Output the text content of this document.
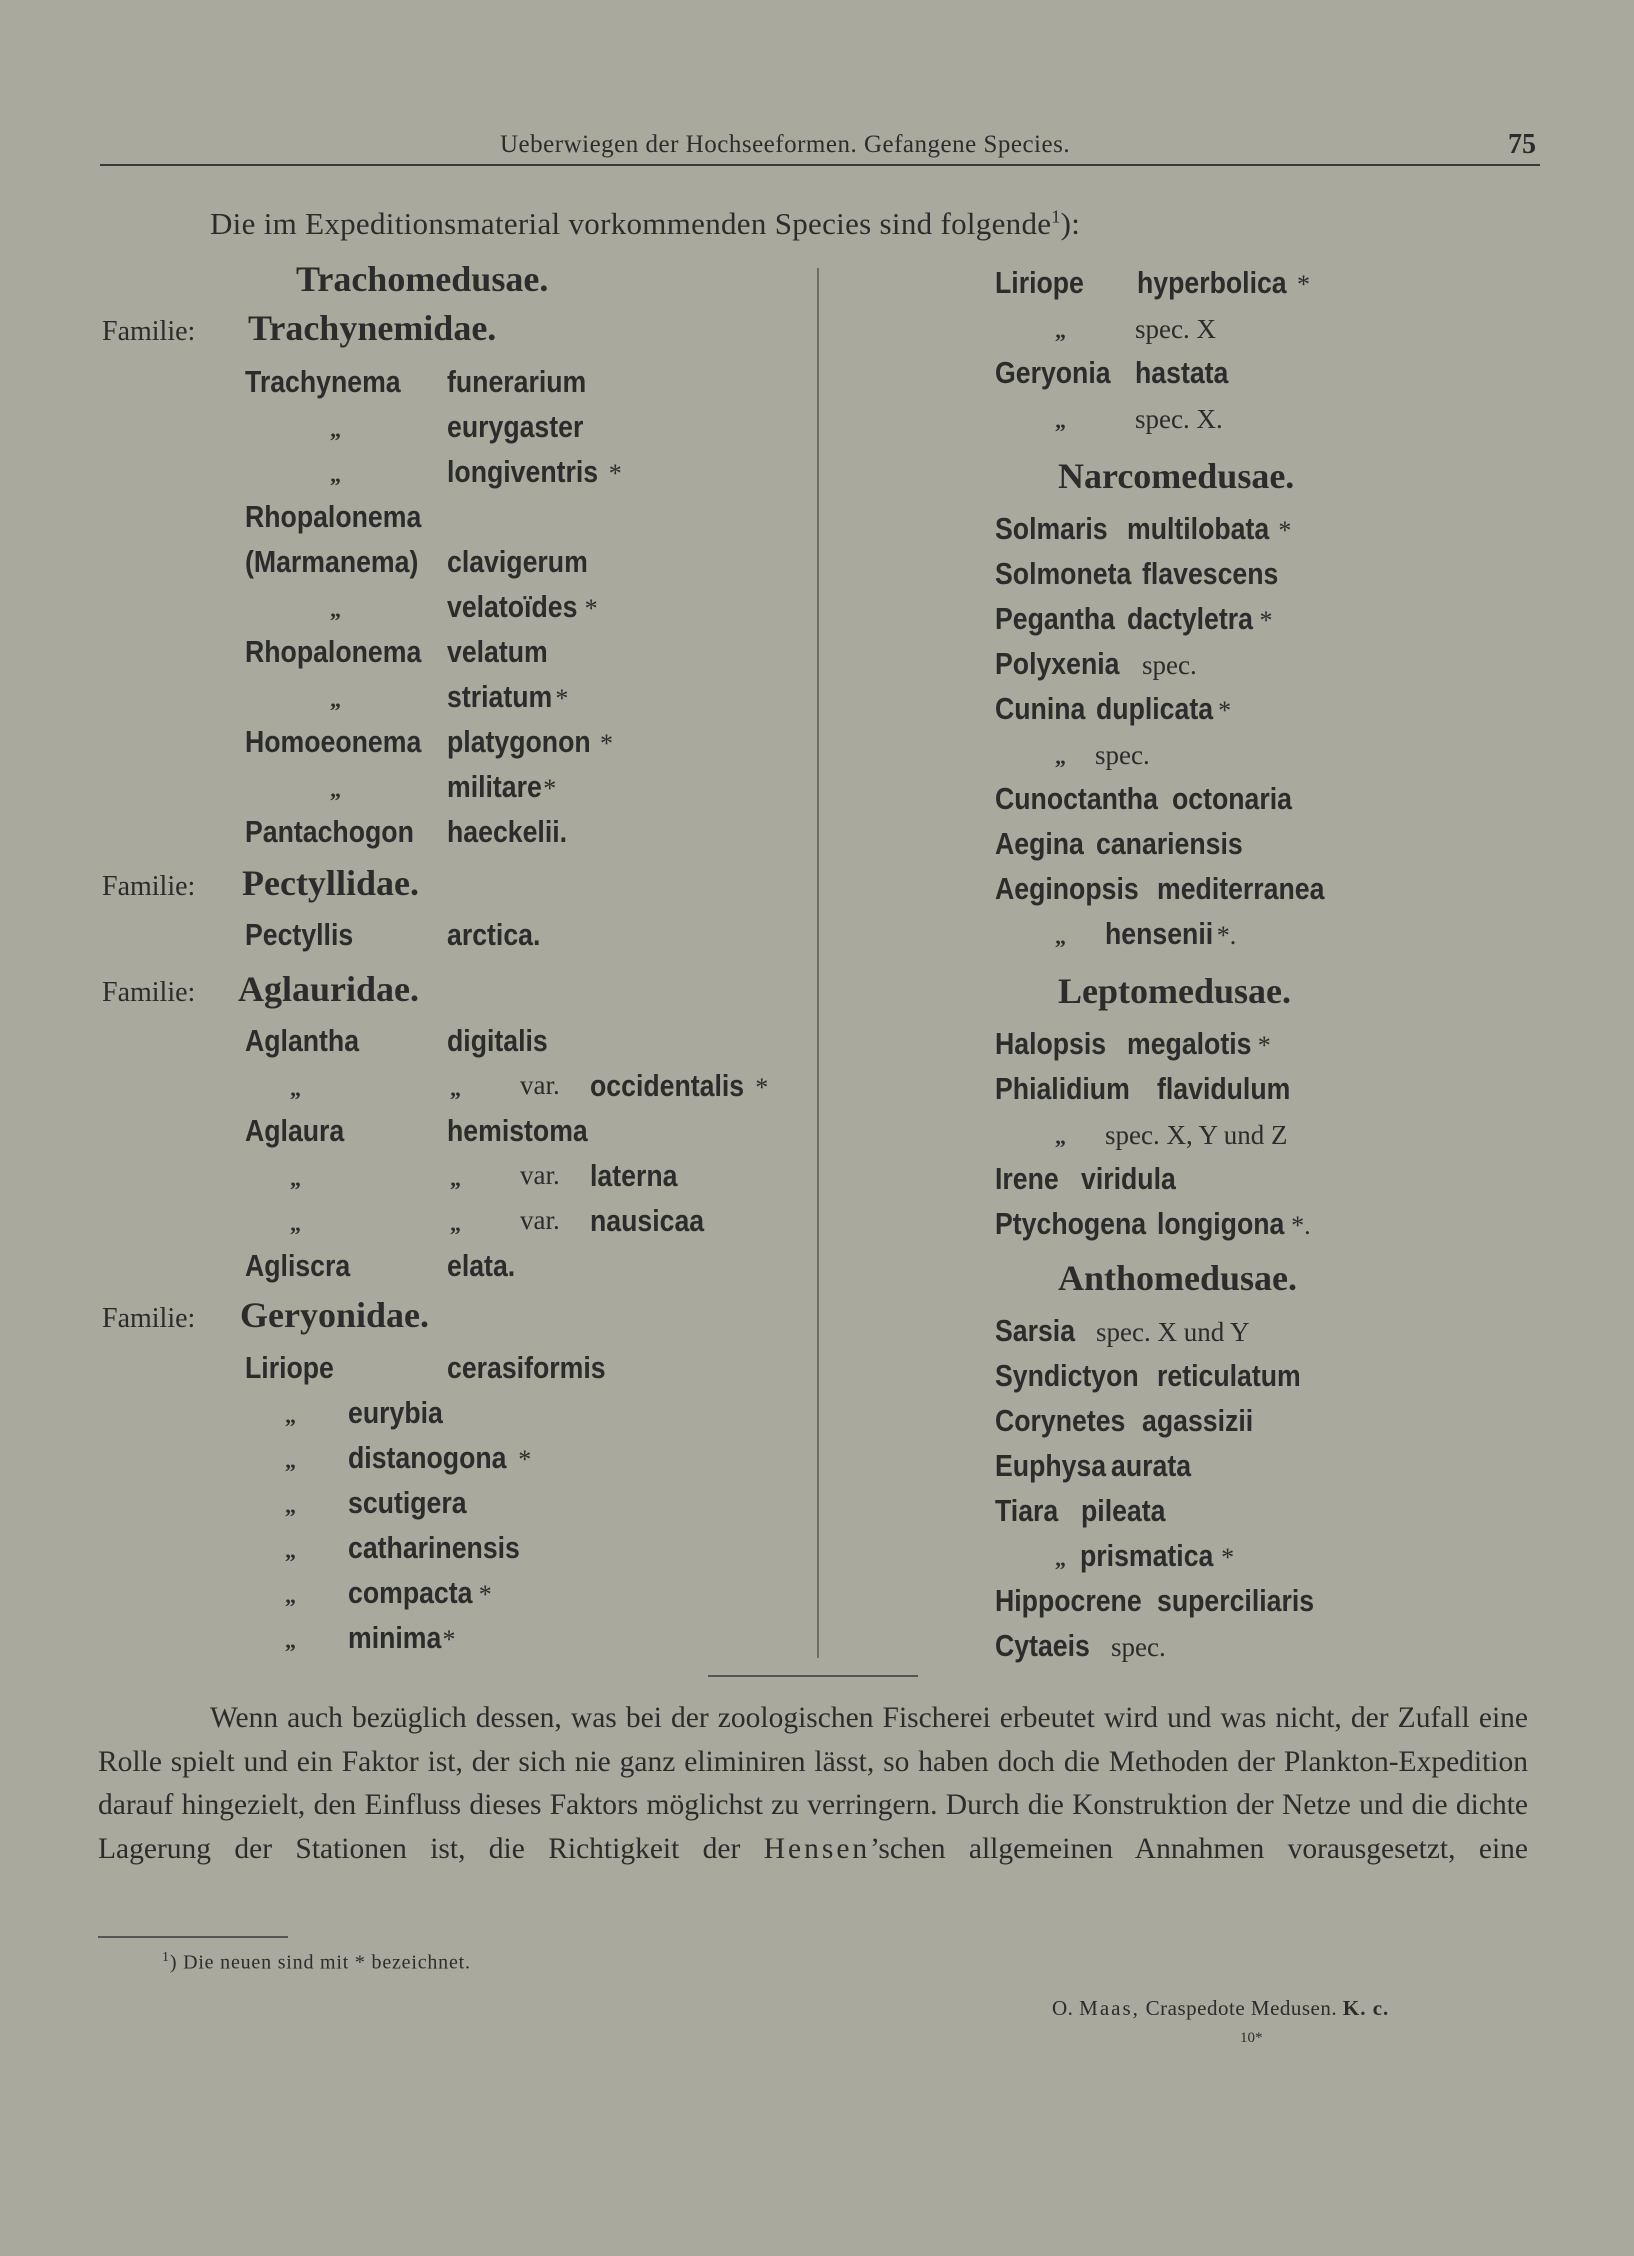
Ueberwiegen der Hochseeformen. Gefangene Species.	75
Die im Expeditionsmaterial vorkommenden Species sind folgende$^1$):
Trachomedusae.
Familie: Trachynemidae.
Trachynema funerarium
„	eurygaster
„	longiventris *
Rhopalonema
(Marmanema) clavigerum
„	velatoïdes *
Rhopalonema velatum
„	striatum *
Homoeonema platygonon *
„	militare*
Pantachogon haeckelii.
Familie: Pectyllidae.
Pectyllis	arctica.
Familie: Aglauridae.
Aglantha	digitalis
„	„ var. occidentalis *
Aglaura	hemistoma
„	„ var. laterna
„	„ var. nausicaa
Agliscra	elata.
Familie: Geryonidae.
Liriope	cerasiformis
„ eurybia
„ distanogona *
„ scutigera
„ catharinensis
„ compacta *
„ minima*
Liriope hyperbolica *
„	spec. X
Geryonia hastata
„	spec. X.
Narcomedusae.
Solmaris multilobata *
Solmoneta flavescens
Pegantha dactyletra *
Polyxenia spec.
Cunina duplicata *
„ spec.
Cunoctantha octonaria
Aegina canariensis
Aeginopsis mediterranea
„ hensenii *.
Leptomedusae.
Halopsis megalotis *
Phialidium flavidulum
„ spec. X, Y und Z
Irene viridula
Ptychogena longigona *.
Anthomedusae.
Sarsia spec. X und Y
Syndictyon reticulatum
Corynetes agassizii
Euphysa aurata
Tiara pileata
„ prismatica *
Hippocrene superciliaris
Cytaeis spec.

Wenn auch bezüglich dessen, was bei der zoologischen Fischerei erbeutet wird und was nicht, der Zufall eine Rolle spielt und ein Faktor ist, der sich nie ganz eliminiren lässt, so haben doch die Methoden der Plankton-Expedition darauf hingezielt, den Einfluss dieses Faktors möglichst zu verringern. Durch die Konstruktion der Netze und die dichte Lagerung der Stationen ist, die Richtigkeit der Hensen’schen allgemeinen Annahmen vorausgesetzt, eine

$^1$) Die neuen sind mit * bezeichnet.
O. Maas, Craspedote Medusen. K. c.
10*
